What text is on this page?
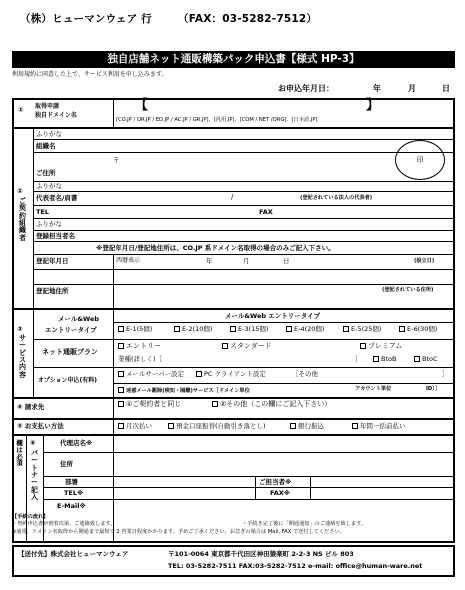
（株）ヒューマンウェア 行 （FAX：03-5282-7512）
独自店舗ネット通販構築パック申込書【様式 HP-3】
利用規約に同意した上で、サービス利用を申し込みます。
お申込年月日：	年	月	日
① 取得申請
独自ドメイン名
【	】
[CO.JP / OR.JP / ED.JP / AC.JP / GR.JP]、[汎用 JP]、[COM / NET /ORG]、[日本語.JP]
②
ご契約組織者
ふりがな
組織名
ご住所
〒	印
ふりがな
代表者名/肩書	/	(登記されている法人の代表者)
TEL	FAX
ふりがな
登録担当者名
※登記年月日/登記地住所は、CO.JP 系ドメイン名取得の場合のみご記入下さい。
登記年月日	西暦表示	年	月	日	(設立日)
登記地住所	(登記されている住所)
③
サービス内容
メール&Web
エントリータイプ
メール&Web エントリータイプ
E-1(5個)	E-2(10個)	E-3(15個)	E-4(20個)	E-5(25個)	E-6(30個)
ネット通販プラン
エントリー	スタンダード	プレミアム
業種(詳しく)［	］	BtoB	BtoC
オプション申込(有料)
メールサーバー設定	PC クライアント設定	［その他	］
迷惑メール駆除(検知・隔離)サービス［ドメイン単位	アカウント単位	ID）］
④ 請求先	①ご契約者と同じ	②その他（この欄にご記入下さい）
⑤ お支払い方法	月次払い	預金口座振替(自動引き落とし)	銀行振込	年間一括前払い
欄は必須
⑥
パートナー記入
代理店名※
住所
部署	ご担当者※
TEL※	FAX※
E-Mail※
【手続の流れ】
・契約申込書が到着次第、ご連絡致します。	・手続き完了後に「開通通知」のご連絡を致します。
※通常、ドメイン名取得から開通まで最短で 2 営業日程度かかります。予めご了承ください。お急ぎの場合は Mail, FAX で送付してください。
【送付先】株式会社ヒューマンウェア	〒101-0064 東京都千代田区神田猿楽町 2-2-3 NS ビル 803
TEL: 03-5282-7511 FAX:03-5282-7512 e-mail: office@human-ware.net
